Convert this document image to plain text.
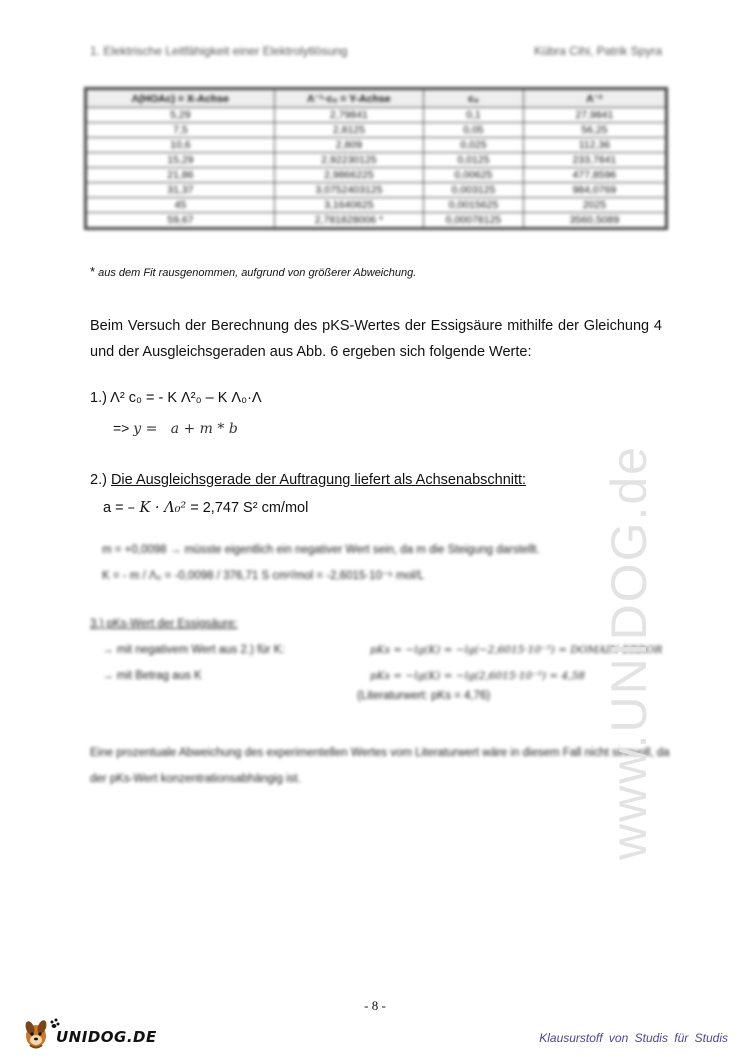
1. Elektrische Leitfähigkeit einer Elektrolytlösung	Kübra Cihi, Patrik Spyra
Λ(HOAc) = X-Achse	Λ⁻¹·c₀ = Y-Achse	c₀	Λ⁻²
5,29	2,79841	0,1	27,9841
7,5	2,8125	0,05	56,25
10,6	2,809	0,025	112,36
15,29	2,92230125	0,0125	233,7841
21,86	2,9866225	0,00625	477,8596
31,37	3,0752403125	0,003125	984,0769
45	3,1640625	0,0015625	2025
59,67	2,781828006 *	0,00078125	3560,5089
* aus dem Fit rausgenommen, aufgrund von größerer Abweichung.

Beim Versuch der Berechnung des pKS-Wertes der Essigsäure mithilfe der Gleichung 4 und der Ausgleichsgeraden aus Abb. 6 ergeben sich folgende Werte:

1.) Λ² c₀ = - K Λ²₀ – K Λ₀·Λ
=> y =   a + m * b
2.) Die Ausgleichsgerade der Auftragung liefert als Achsenabschnitt:
a = – K · Λ₀² = 2,747 S² cm/mol
m = +0,0098 → müsste eigentlich ein negativer Wert sein, da m die Steigung darstellt.
K = - m / Λ₀ = -0,0098 / 376,71 S cm²/mol = -2,6015·10⁻⁵ mol/L
3.) pKs-Wert der Essigsäure:
→ mit negativem Wert aus 2.) für K:	pKs = −lg(K) = −lg(−2,6015·10⁻⁵) = DOMAIN ERROR
→ mit Betrag aus K	pKs = −lg(K) = −lg(2,6015·10⁻⁵) = 4,58
(Literaturwert: pKs = 4,76)

Eine prozentuale Abweichung des experimentellen Wertes vom Literaturwert wäre in diesem Fall nicht sinnvoll, da der pKs-Wert konzentrationsabhängig ist.	www.UNIDOG.de
- 8 -
UNIDOG.DE	Klausurstoff von Studis für Studis
